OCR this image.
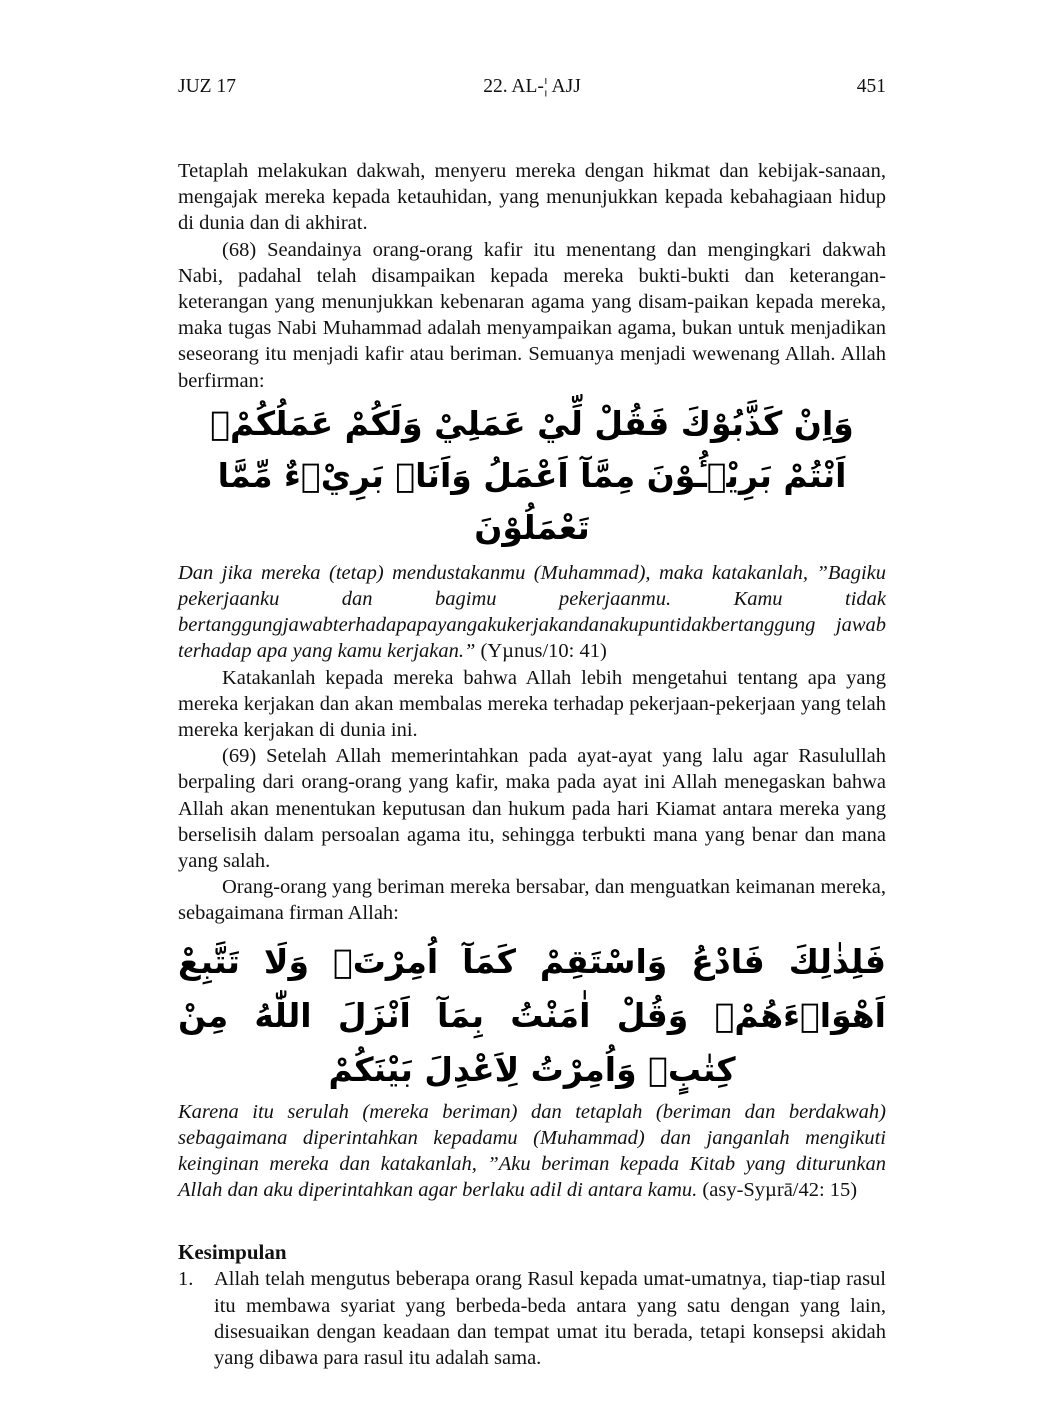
JUZ 17	22. AL-¦ AJJ	451

Tetaplah melakukan dakwah, menyeru mereka dengan hikmat dan kebijak-sanaan, mengajak mereka kepada ketauhidan, yang menunjukkan kepada kebahagiaan hidup di dunia dan di akhirat.

(68) Seandainya orang-orang kafir itu menentang dan mengingkari dakwah Nabi, padahal telah disampaikan kepada mereka bukti-bukti dan keterangan-keterangan yang menunjukkan kebenaran agama yang disam-paikan kepada mereka, maka tugas Nabi Muhammad adalah menyampaikan agama, bukan untuk menjadikan seseorang itu menjadi kafir atau beriman. Semuanya menjadi wewenang Allah. Allah berfirman:

وَاِنْ كَذَّبُوْكَ فَقُلْ لِّيْ عَمَلِيْ وَلَكُمْ عَمَلُكُمْۚ اَنْتُمْ بَرِيْۤـُٔوْنَ مِمَّآ اَعْمَلُ وَاَنَا۠ بَرِيْۤءٌ مِّمَّا تَعْمَلُوْنَ

Dan jika mereka (tetap) mendustakanmu (Muhammad), maka katakanlah, ”Bagiku pekerjaanku dan bagimu pekerjaanmu. Kamu tidak bertanggungjawabterhadapapayangakukerjakandanakupuntidakbertanggung jawab terhadap apa yang kamu kerjakan.” (Yµnus/10: 41)

Katakanlah kepada mereka bahwa Allah lebih mengetahui tentang apa yang mereka kerjakan dan akan membalas mereka terhadap pekerjaan-pekerjaan yang telah mereka kerjakan di dunia ini.

(69) Setelah Allah memerintahkan pada ayat-ayat yang lalu agar Rasulullah berpaling dari orang-orang yang kafir, maka pada ayat ini Allah menegaskan bahwa Allah akan menentukan keputusan dan hukum pada hari Kiamat antara mereka yang berselisih dalam persoalan agama itu, sehingga terbukti mana yang benar dan mana yang salah.

Orang-orang yang beriman mereka bersabar, dan menguatkan keimanan mereka, sebagaimana firman Allah:

فَلِذٰلِكَ فَادْعُ وَاسْتَقِمْ كَمَآ اُمِرْتَۚ وَلَا تَتَّبِعْ اَهْوَاۤءَهُمْۚ وَقُلْ اٰمَنْتُ بِمَآ اَنْزَلَ اللّٰهُ مِنْ كِتٰبٍۚ وَاُمِرْتُ لِاَعْدِلَ بَيْنَكُمْ

Karena itu serulah (mereka beriman) dan tetaplah (beriman dan berdakwah) sebagaimana diperintahkan kepadamu (Muhammad) dan janganlah mengikuti keinginan mereka dan katakanlah, ”Aku beriman kepada Kitab yang diturunkan Allah dan aku diperintahkan agar berlaku adil di antara kamu. (asy-Syµrā/42: 15)

Kesimpulan
1. Allah telah mengutus beberapa orang Rasul kepada umat-umatnya, tiap-tiap rasul itu membawa syariat yang berbeda-beda antara yang satu dengan yang lain, disesuaikan dengan keadaan dan tempat umat itu berada, tetapi konsepsi akidah yang dibawa para rasul itu adalah sama.
